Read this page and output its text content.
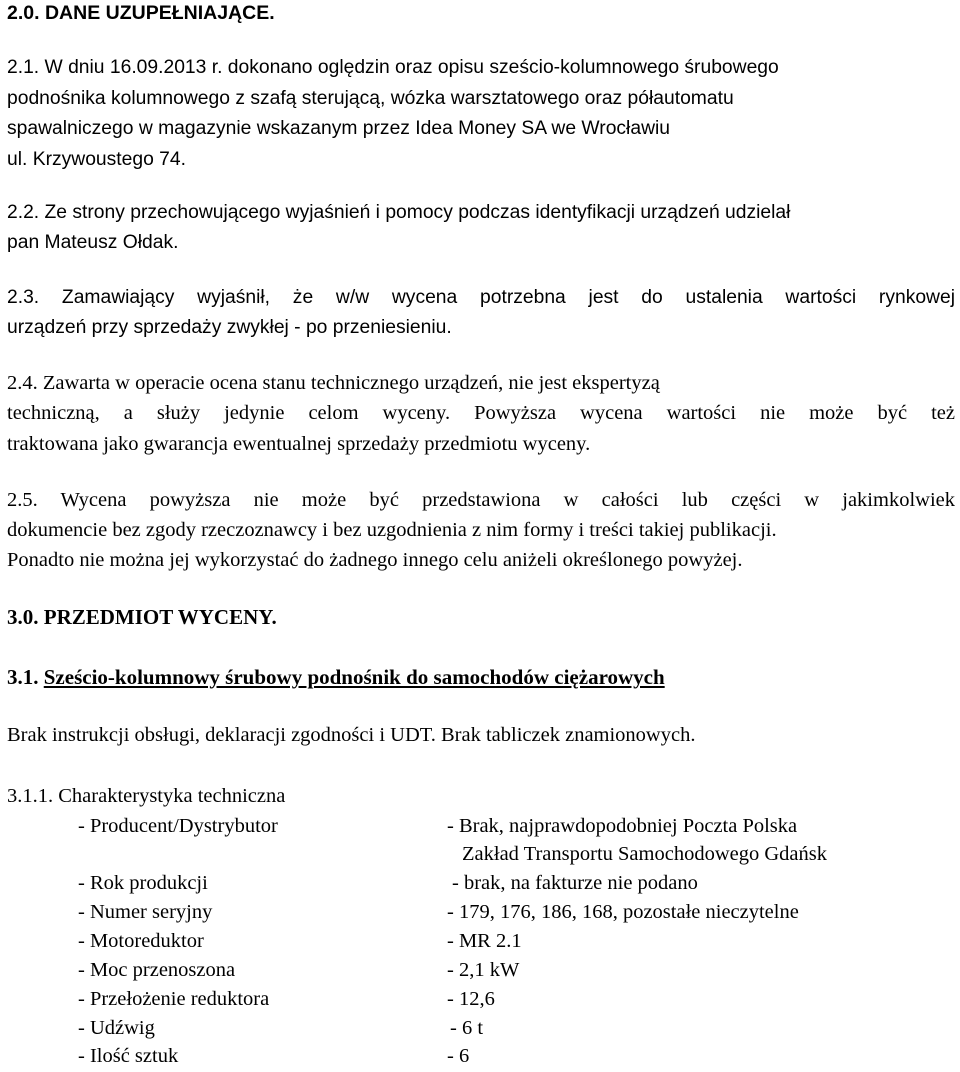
2.0. DANE UZUPEŁNIAJĄCE.
2.1. W dniu 16.09.2013 r. dokonano oględzin oraz opisu sześcio-kolumnowego śrubowego
podnośnika kolumnowego z szafą sterującą, wózka warsztatowego oraz półautomatu
spawalniczego w magazynie wskazanym przez Idea Money SA we Wrocławiu
ul. Krzywoustego 74.
2.2. Ze strony przechowującego wyjaśnień i pomocy podczas identyfikacji urządzeń udzielał
pan Mateusz Ołdak.
2.3. Zamawiający wyjaśnił, że w/w wycena potrzebna jest do ustalenia wartości rynkowej
urządzeń przy sprzedaży zwykłej - po przeniesieniu.
2.4. Zawarta w operacie ocena stanu technicznego urządzeń, nie jest ekspertyzą
techniczną, a służy jedynie celom wyceny. Powyższa wycena wartości nie może być też
traktowana jako gwarancja ewentualnej sprzedaży przedmiotu wyceny.
2.5. Wycena powyższa nie może być przedstawiona w całości lub części w jakimkolwiek
dokumencie bez zgody rzeczoznawcy i bez uzgodnienia z nim formy i treści takiej publikacji.
Ponadto nie można jej wykorzystać do żadnego innego celu aniżeli określonego powyżej.
3.0. PRZEDMIOT WYCENY.
3.1. Sześcio-kolumnowy śrubowy podnośnik do samochodów ciężarowych
Brak instrukcji obsługi, deklaracji zgodności i UDT. Brak tabliczek znamionowych.
3.1.1. Charakterystyka techniczna
- Producent/Dystrybutor	- Brak, najprawdopodobniej Poczta Polska
Zakład Transportu Samochodowego Gdańsk
- Rok produkcji	- brak, na fakturze nie podano
- Numer seryjny	- 179, 176, 186, 168, pozostałe nieczytelne
- Motoreduktor	- MR 2.1
- Moc przenoszona	- 2,1 kW
- Przełożenie reduktora	- 12,6
- Udźwig	- 6 t
- Ilość sztuk	- 6
